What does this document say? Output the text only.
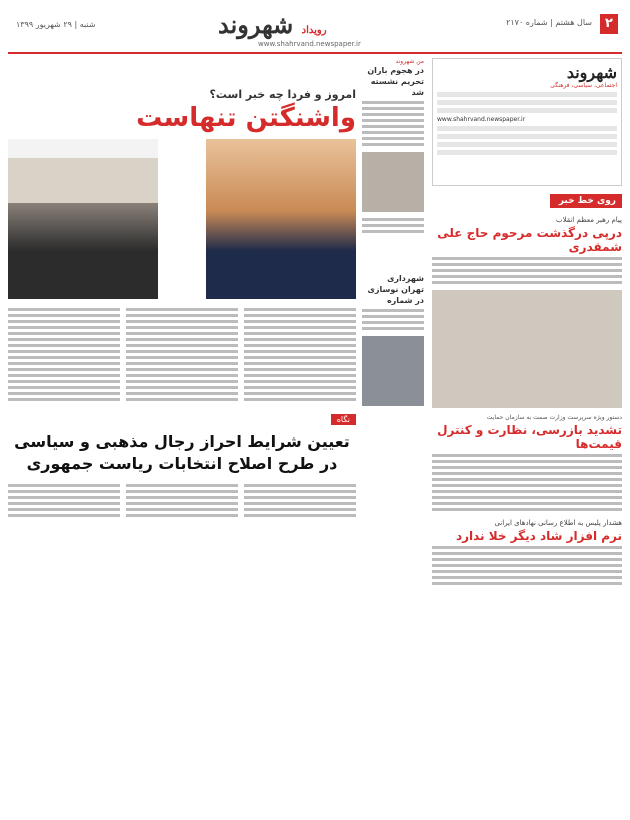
۲
سال هشتم | شماره ۲۱۷۰
رویداد شهروند
www.shahrvand.newspaper.ir
شنبه | ۲۹ شهریور ۱۳۹۹
شهروند
اجتماعی، سیاسی، فرهنگی
www.shahrvand.newspaper.ir
روی خط خبر
پیام رهبر معظم انقلاب
درپی درگذشت مرحوم حاج علی شمقدری
دستور ویژه سرپرست وزارت صمت به سازمان حمایت
تشدید بازرسی، نظارت و کنترل قیمت‌ها
هشدار پلیس به اطلاع رسانی نهادهای ایرانی
نرم افزار شاد دیگر خلا ندارد
من شهروند
در هجوم باران تحریم نشسته شد
شهرداری تهران نوسازی در شماره
امروز و فردا چه خبر است؟
واشنگتن تنهاست
نگاه
تعیین شرایط احراز رجال مذهبی و سیاسی در طرح اصلاح انتخابات ریاست جمهوری
